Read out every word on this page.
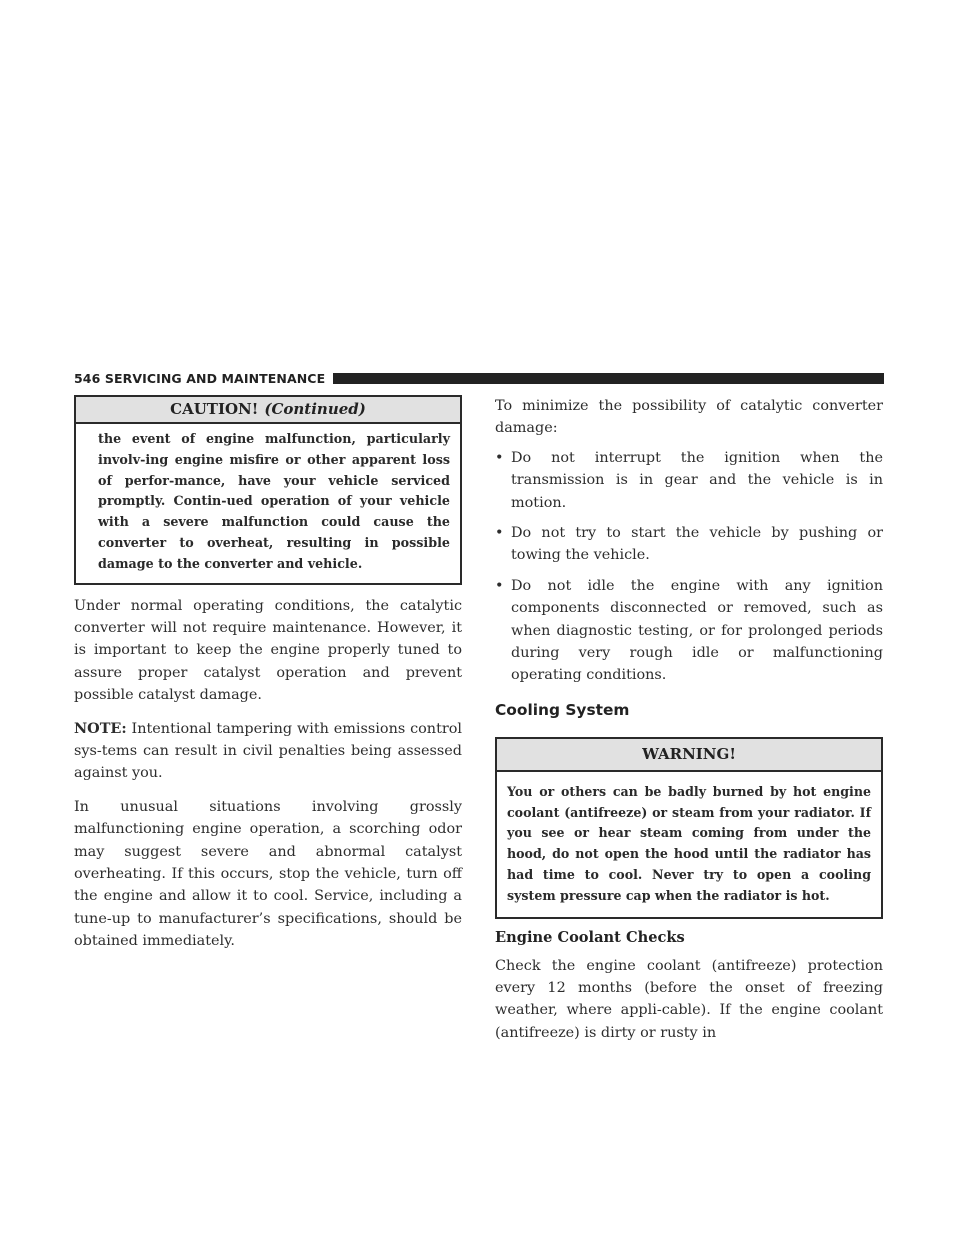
546 SERVICING AND MAINTENANCE
CAUTION! (Continued)
the event of engine malfunction, particularly involv-ing engine misfire or other apparent loss of perfor-mance, have your vehicle serviced promptly. Contin-ued operation of your vehicle with a severe malfunction could cause the converter to overheat, resulting in possible damage to the converter and vehicle.

Under normal operating conditions, the catalytic converter will not require maintenance. However, it is important to keep the engine properly tuned to assure proper catalyst operation and prevent possible catalyst damage.

NOTE: Intentional tampering with emissions control sys-tems can result in civil penalties being assessed against you.

In unusual situations involving grossly malfunctioning engine operation, a scorching odor may suggest severe and abnormal catalyst overheating. If this occurs, stop the vehicle, turn off the engine and allow it to cool. Service, including a tune-up to manufacturer’s specifications, should be obtained immediately.

To minimize the possibility of catalytic converter damage:

• Do not interrupt the ignition when the transmission is in gear and the vehicle is in motion.
• Do not try to start the vehicle by pushing or towing the vehicle.
• Do not idle the engine with any ignition components disconnected or removed, such as when diagnostic testing, or for prolonged periods during very rough idle or malfunctioning operating conditions.
Cooling System
WARNING!
You or others can be badly burned by hot engine coolant (antifreeze) or steam from your radiator. If you see or hear steam coming from under the hood, do not open the hood until the radiator has had time to cool. Never try to open a cooling system pressure cap when the radiator is hot.
Engine Coolant Checks

Check the engine coolant (antifreeze) protection every 12 months (before the onset of freezing weather, where appli-cable). If the engine coolant (antifreeze) is dirty or rusty in
